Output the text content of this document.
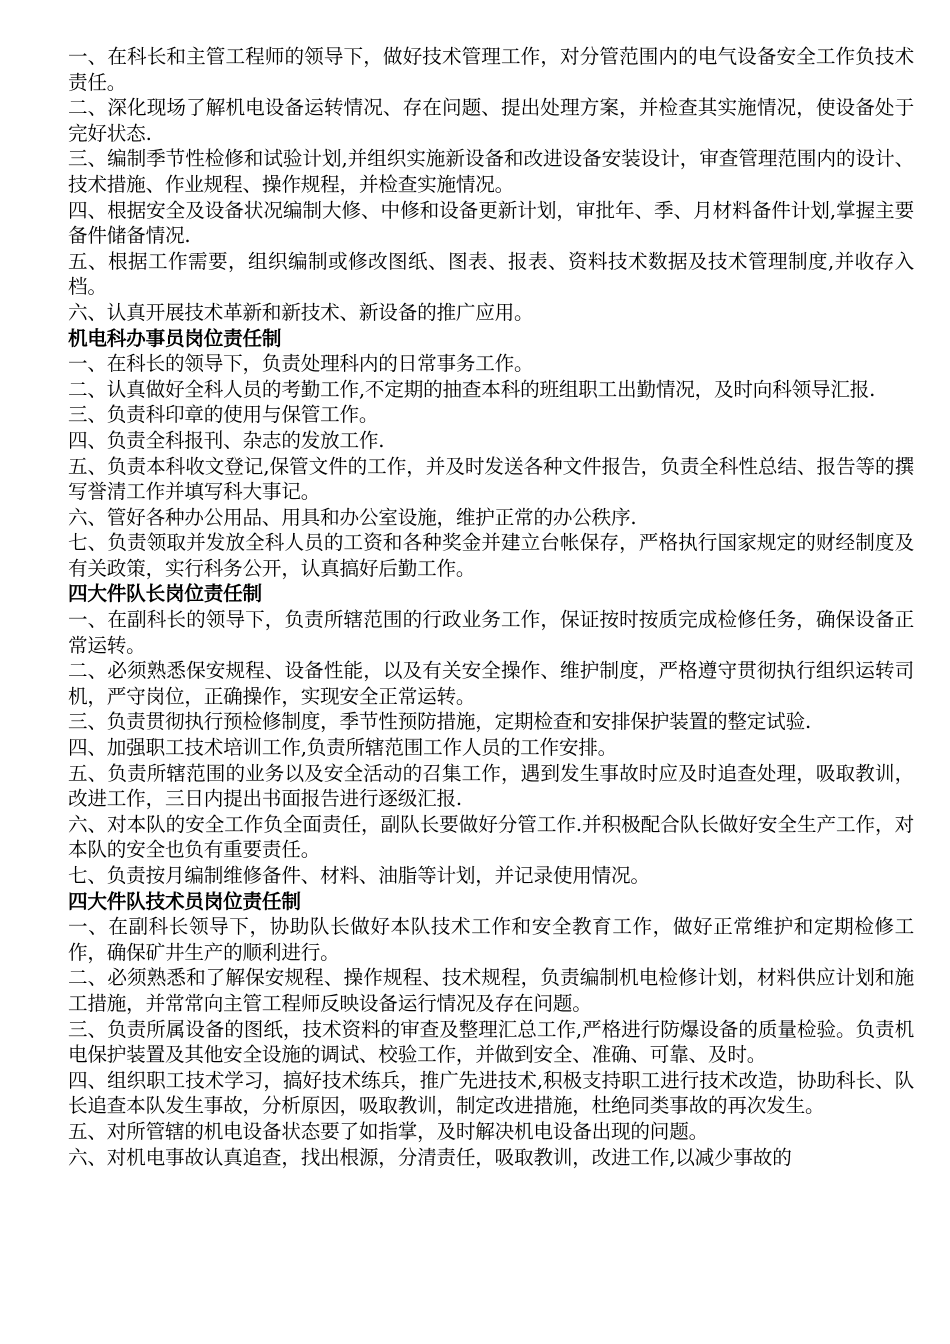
一、在科长和主管工程师的领导下，做好技术管理工作，对分管范围内的电气设备安全工作负技术责任。

二、深化现场了解机电设备运转情况、存在问题、提出处理方案，并检查其实施情况，使设备处于完好状态.

三、编制季节性检修和试验计划,并组织实施新设备和改进设备安装设计，审查管理范围内的设计、技术措施、作业规程、操作规程，并检查实施情况。

四、根据安全及设备状况编制大修、中修和设备更新计划，审批年、季、月材料备件计划,掌握主要备件储备情况.

五、根据工作需要，组织编制或修改图纸、图表、报表、资料技术数据及技术管理制度,并收存入档。

六、认真开展技术革新和新技术、新设备的推广应用。

机电科办事员岗位责任制

一、在科长的领导下，负责处理科内的日常事务工作。

二、认真做好全科人员的考勤工作,不定期的抽查本科的班组职工出勤情况，及时向科领导汇报.

三、负责科印章的使用与保管工作。

四、负责全科报刊、杂志的发放工作.

五、负责本科收文登记,保管文件的工作，并及时发送各种文件报告，负责全科性总结、报告等的撰写誉清工作并填写科大事记。

六、管好各种办公用品、用具和办公室设施，维护正常的办公秩序.

七、负责领取并发放全科人员的工资和各种奖金并建立台帐保存，严格执行国家规定的财经制度及有关政策，实行科务公开，认真搞好后勤工作。

四大件队长岗位责任制

一、在副科长的领导下，负责所辖范围的行政业务工作，保证按时按质完成检修任务，确保设备正常运转。

二、必须熟悉保安规程、设备性能，以及有关安全操作、维护制度，严格遵守贯彻执行组织运转司机，严守岗位，正确操作，实现安全正常运转。

三、负责贯彻执行预检修制度，季节性预防措施，定期检查和安排保护装置的整定试验.

四、加强职工技术培训工作,负责所辖范围工作人员的工作安排。

五、负责所辖范围的业务以及安全活动的召集工作，遇到发生事故时应及时追查处理，吸取教训，改进工作，三日内提出书面报告进行逐级汇报.

六、对本队的安全工作负全面责任，副队长要做好分管工作.并积极配合队长做好安全生产工作，对本队的安全也负有重要责任。

七、负责按月编制维修备件、材料、油脂等计划，并记录使用情况。

四大件队技术员岗位责任制

一、在副科长领导下，协助队长做好本队技术工作和安全教育工作，做好正常维护和定期检修工作，确保矿井生产的顺利进行。

二、必须熟悉和了解保安规程、操作规程、技术规程，负责编制机电检修计划，材料供应计划和施工措施，并常常向主管工程师反映设备运行情况及存在问题。

三、负责所属设备的图纸，技术资料的审查及整理汇总工作,严格进行防爆设备的质量检验。负责机电保护装置及其他安全设施的调试、校验工作，并做到安全、准确、可靠、及时。

四、组织职工技术学习，搞好技术练兵，推广先进技术,积极支持职工进行技术改造，协助科长、队长追查本队发生事故，分析原因，吸取教训，制定改进措施，杜绝同类事故的再次发生。

五、对所管辖的机电设备状态要了如指掌，及时解决机电设备出现的问题。

六、对机电事故认真追查，找出根源，分清责任，吸取教训，改进工作,以减少事故的
